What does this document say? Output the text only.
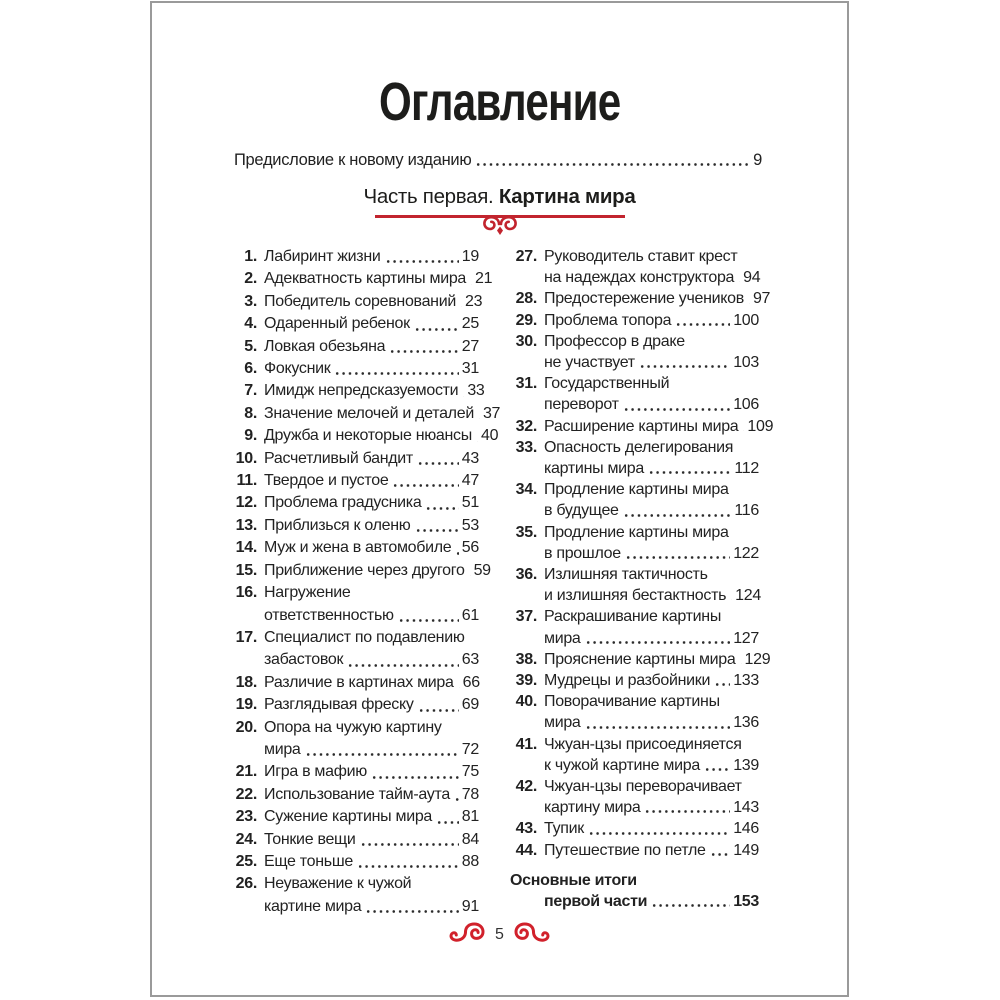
Оглавление
Предисловие к новому изданию	9
Часть первая. Картина мира
1. Лабиринт жизни	19
2. Адекватность картины мира 21
3. Победитель соревнований 23
4. Одаренный ребенок	25
5. Ловкая обезьяна	27
6. Фокусник	31
7. Имидж непредсказуемости 33
8. Значение мелочей и деталей 37
9. Дружба и некоторые нюансы 40
10. Расчетливый бандит	43
11. Твердое и пустое	47
12. Проблема градусника	51
13. Приблизься к оленю	53
14. Муж и жена в автомобиле 56
15. Приближение через другого 59
16. Нагружение
ответственностью	61
17. Специалист по подавлению
забастовок	63
18. Различие в картинах мира 66
19. Разглядывая фреску	69
20. Опора на чужую картину
мира	72
21. Игра в мафию	75
22. Использование тайм-аута 78
23. Сужение картины мира 81
24. Тонкие вещи	84
25. Еще тоньше	88
26. Неуважение к чужой
картине мира	91
27. Руководитель ставит крест
на надеждах конструктора 94
28. Предостережение учеников 97
29. Проблема топора	100
30. Профессор в драке
не участвует	103
31. Государственный
переворот	106
32. Расширение картины мира 109
33. Опасность делегирования
картины мира	112
34. Продление картины мира
в будущее	116
35. Продление картины мира
в прошлое	122
36. Излишняя тактичность
и излишняя бестактность 124
37. Раскрашивание картины
мира	127
38. Прояснение картины мира 129
39. Мудрецы и разбойники 133
40. Поворачивание картины
мира	136
41. Чжуан-цзы присоединяется
к чужой картине мира 139
42. Чжуан-цзы переворачивает
картину мира	143
43. Тупик	146
44. Путешествие по петле 149
Основные итоги
первой части	153
5
